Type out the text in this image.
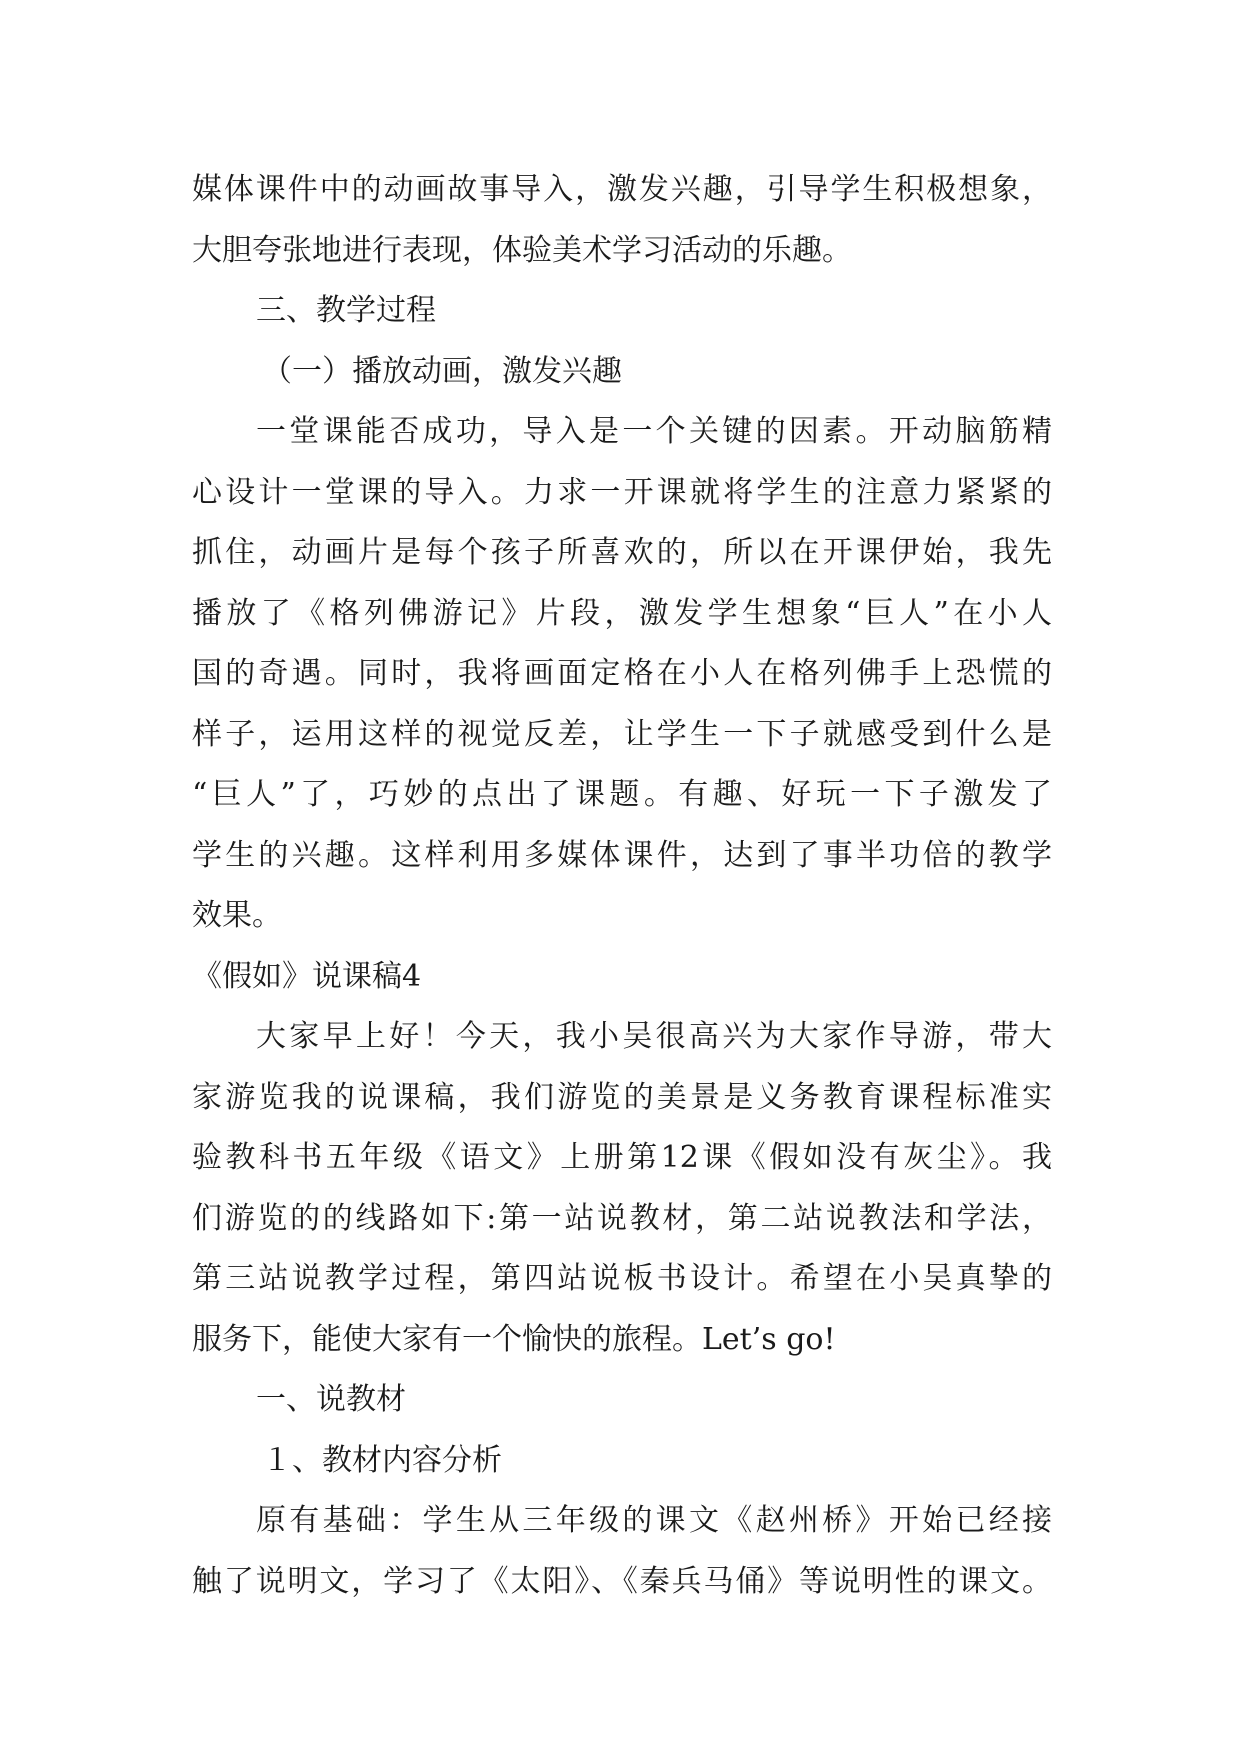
媒体课件中的动画故事导入，激发兴趣，引导学生积极想象，
大胆夸张地进行表现，体验美术学习活动的乐趣。
三、教学过程
（一）播放动画，激发兴趣
一堂课能否成功，导入是一个关键的因素。开动脑筋精
心设计一堂课的导入。力求一开课就将学生的注意力紧紧的
抓住，动画片是每个孩子所喜欢的，所以在开课伊始，我先
播放了《格列佛游记》片段，激发学生想象“巨人”在小人
国的奇遇。同时，我将画面定格在小人在格列佛手上恐慌的
样子，运用这样的视觉反差，让学生一下子就感受到什么是
“巨人”了，巧妙的点出了课题。有趣、好玩一下子激发了
学生的兴趣。这样利用多媒体课件，达到了事半功倍的教学
效果。
《假如》说课稿4
大家早上好！今天，我小吴很高兴为大家作导游，带大
家游览我的说课稿，我们游览的美景是义务教育课程标准实
验教科书五年级《语文》上册第12课《假如没有灰尘》。我
们游览的的线路如下:第一站说教材，第二站说教法和学法，
第三站说教学过程，第四站说板书设计。希望在小吴真挚的
服务下，能使大家有一个愉快的旅程。Let’s go!
一、说教材
１、教材内容分析
原有基础：学生从三年级的课文《赵州桥》开始已经接
触了说明文，学习了《太阳》、《秦兵马俑》等说明性的课文。
